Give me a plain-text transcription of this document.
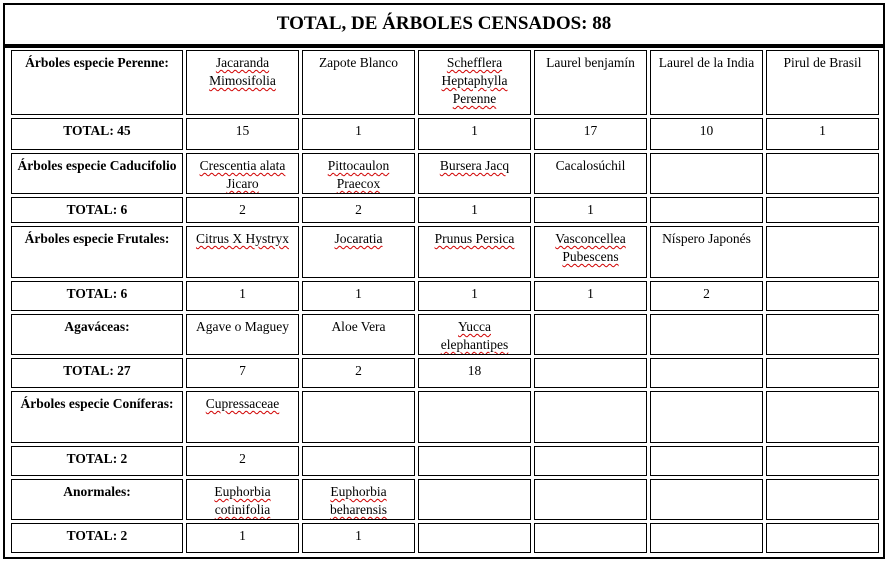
TOTAL, DE ÁRBOLES CENSADOS: 88
Árboles especie Perenne:	Jacaranda Mimosifolia	Zapote Blanco	Schefflera Heptaphylla Perenne	Laurel benjamín	Laurel de la India	Pirul de Brasil
TOTAL: 45	15	1	1	17	10	1
Árboles especie Caducifolio	Crescentia alata Jicaro	Pittocaulon Praecox	Bursera Jacq	Cacalosúchil		
TOTAL: 6	2	2	1	1		
Árboles especie Frutales:	Citrus X Hystryx	Jocaratia	Prunus Persica	Vasconcellea Pubescens	Níspero Japonés	
TOTAL: 6	1	1	1	1	2	
Agaváceas:	Agave o Maguey	Aloe Vera	Yucca elephantipes			
TOTAL: 27	7	2	18			
Árboles especie Coníferas:	Cupressaceae					
TOTAL: 2	2					
Anormales:	Euphorbia cotinifolia	Euphorbia beharensis				
TOTAL: 2	1	1				
